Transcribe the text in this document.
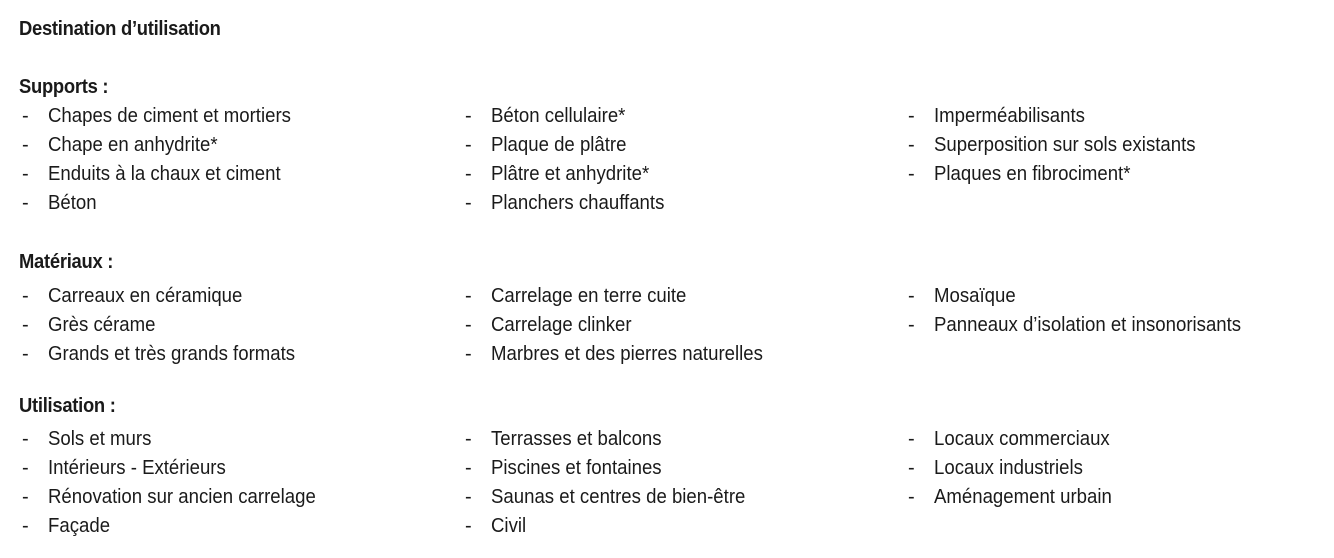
Destination d’utilisation
Supports :
- Chapes de ciment et mortiers
- Chape en anhydrite*
- Enduits à la chaux et ciment
- Béton
- Béton cellulaire*
- Plaque de plâtre
- Plâtre et anhydrite*
- Planchers chauffants
- Imperméabilisants
- Superposition sur sols existants
- Plaques en fibrociment*
Matériaux :
- Carreaux en céramique
- Grès cérame
- Grands et très grands formats
- Carrelage en terre cuite
- Carrelage clinker
- Marbres et des pierres naturelles
- Mosaïque
- Panneaux d’isolation et insonorisants
Utilisation :
- Sols et murs
- Intérieurs - Extérieurs
- Rénovation sur ancien carrelage
- Façade
- Terrasses et balcons
- Piscines et fontaines
- Saunas et centres de bien-être
- Civil
- Locaux commerciaux
- Locaux industriels
- Aménagement urbain
